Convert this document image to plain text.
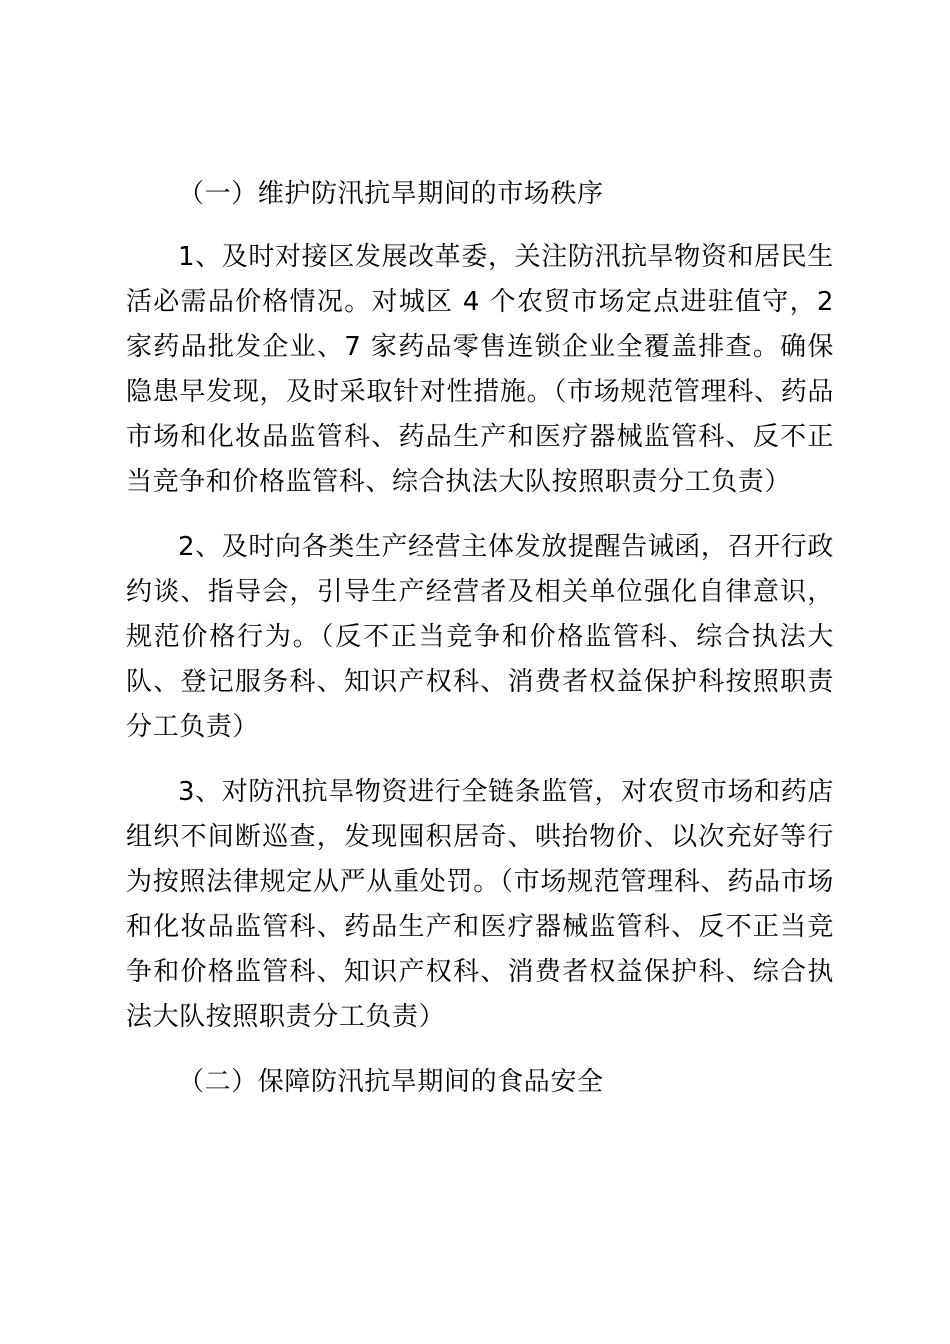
（一）维护防汛抗旱期间的市场秩序

1、及时对接区发展改革委，关注防汛抗旱物资和居民生活必需品价格情况。对城区 4 个农贸市场定点进驻值守，2 家药品批发企业、7 家药品零售连锁企业全覆盖排查。确保隐患早发现，及时采取针对性措施。（市场规范管理科、药品市场和化妆品监管科、药品生产和医疗器械监管科、反不正当竞争和价格监管科、综合执法大队按照职责分工负责）

2、及时向各类生产经营主体发放提醒告诫函，召开行政约谈、指导会，引导生产经营者及相关单位强化自律意识，规范价格行为。（反不正当竞争和价格监管科、综合执法大队、登记服务科、知识产权科、消费者权益保护科按照职责分工负责）

3、对防汛抗旱物资进行全链条监管，对农贸市场和药店组织不间断巡查，发现囤积居奇、哄抬物价、以次充好等行为按照法律规定从严从重处罚。（市场规范管理科、药品市场和化妆品监管科、药品生产和医疗器械监管科、反不正当竞争和价格监管科、知识产权科、消费者权益保护科、综合执法大队按照职责分工负责）

（二）保障防汛抗旱期间的食品安全
